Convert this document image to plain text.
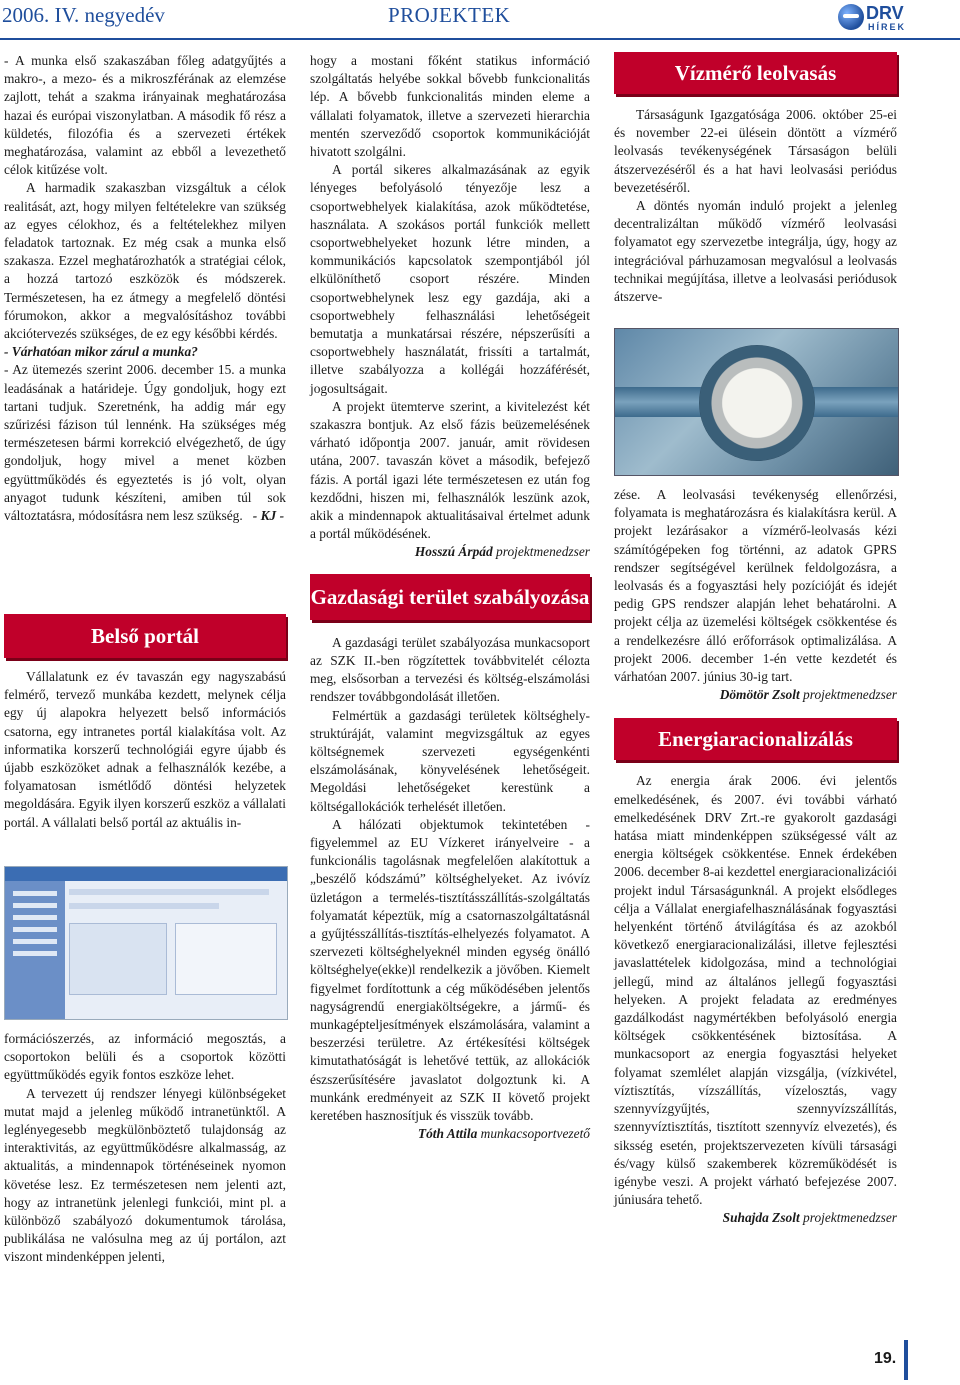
2006. IV. negyedév	PROJEKTEK	DRV
HÍREK

- A munka első szakaszában főleg adatgyűjtés a makro-, a mezo- és a mikroszférának az elemzése zajlott, tehát a szakma irányainak meghatározása hazai és európai viszonylatban. A második fő rész a küldetés, filozófia és a szervezeti értékek meghatározása, valamint az ebből a levezethető célok kitűzése volt.

A harmadik szakaszban vizsgáltuk a célok realitását, azt, hogy milyen feltételekre van szükség az egyes célokhoz, és a feltételekhez milyen feladatok tartoznak. Ez még csak a munka első szakasza. Ezzel meghatározhatók a stratégiai célok, a hozzá tartozó eszközök és módszerek. Természetesen, ha ez átmegy a megfelelő döntési fórumokon, akkor a megvalósításhoz további akciótervezés szükséges, de ez egy későbbi kérdés.

- Várhatóan mikor zárul a munka?

- Az ütemezés szerint 2006. december 15. a munka leadásának a határideje. Úgy gondoljuk, hogy ezt tartani tudjuk. Szeretnénk, ha addig már egy szűrizési fázison túl lennénk. Ha szükséges még természetesen bármi korrekció elvégezhető, de úgy gondoljuk, hogy mivel a menet közben együttműködés és egyeztetés is jó volt, olyan anyagot tudunk készíteni, amiben túl sok változtatásra, módosításra nem lesz szükség. - KJ -

Belső portál

Vállalatunk ez év tavaszán egy nagyszabású felmérő, tervező munkába kezdett, melynek célja egy új alapokra helyezett belső információs csatorna, egy intranetes portál kialakítása volt. Az informatika korszerű technológiái egyre újabb és újabb eszközöket adnak a felhasználók kezébe, a folyamatosan ismétlődő döntési helyzetek megoldására. Egyik ilyen korszerű eszköz a vállalati portál. A vállalati belső portál az aktuális in-

formációszerzés, az információ megosztás, a csoportokon belüli és a csoportok közötti együttműködés egyik fontos eszköze lehet.

A tervezett új rendszer lényegi különbségeket mutat majd a jelenleg működő intranetünktől. A leglényegesebb megkülönböztető tulajdonság az interaktivitás, az együttműködésre alkalmasság, az aktualitás, a mindennapok történéseinek nyomon követése lesz. Ez természetesen nem jelenti azt, hogy az intranetünk jelenlegi funkciói, mint pl. a különböző szabályozó dokumentumok tárolása, publikálása ne valósulna meg az új portálon, azt viszont mindenképpen jelenti,

hogy a mostani főként statikus információ szolgáltatás helyébe sokkal bővebb funkcionalitás lép. A bővebb funkcionalitás minden eleme a vállalati folyamatok, illetve a szervezeti hierarchia mentén szerveződő csoportok kommunikációját hivatott szolgálni.

A portál sikeres alkalmazásának az egyik lényeges befolyásoló tényezője lesz a csoportwebhelyek kialakítása, azok működtetése, használata. A szokásos portál funkciók mellett csoportwebhelyeket hozunk létre minden, a kommunikációs kapcsolatok szempontjából jól elkülöníthető csoport részére. Minden csoportwebhelynek lesz egy gazdája, aki a csoportwebhely felhasználási lehetőségeit bemutatja a munkatársai részére, népszerűsíti a csoportwebhely használatát, frissíti a tartalmát, illetve szabályozza a kollégái hozzáférését, jogosultságait.

A projekt ütemterve szerint, a kivitelezést két szakaszra bontjuk. Az első fázis beüzemelésének várható időpontja 2007. január, amit rövidesen utána, 2007. tavaszán követ a második, befejező fázis. A portál igazi léte természetesen ez után fog kezdődni, hiszen mi, felhasználók leszünk azok, akik a mindennapok aktualitásaival értelmet adunk a portál működésének.

Hosszú Árpád projektmenedzser

Gazdasági terület szabályozása

A gazdasági terület szabályozása munkacsoport az SZK II.-ben rögzítettek továbbvitelét célozta meg, elsősorban a tervezési és költség-elszámolási rendszer továbbgondolását illetően.

Felmértük a gazdasági területek költséghely-struktúráját, valamint megvizsgáltuk az egyes költségnemek szervezeti egységenkénti elszámolásának, könyvelésének lehetőségeit. Megoldási lehetőségeket kerestünk a költségallokációk terhelését illetően.

A hálózati objektumok tekintetében - figyelemmel az EU Vízkeret irányelveire - a funkcionális tagolásnak megfelelően alakítottuk a „beszélő kódszámú” költséghelyeket. Az ivóvíz üzletágon a termelés-tisztításszállítás-szolgáltatás folyamatát képeztük, míg a csatornaszolgáltatásnál a gyűjtésszállítás-tisztítás-elhelyezés folyamatot. A szervezeti költséghelyeknél minden egység önálló költséghelye(ekke)l rendelkezik a jövőben. Kiemelt figyelmet fordítottunk a cég működésében jelentős nagyságrendű energiaköltségekre, a jármű- és munkagépteljesítmények elszámolására, valamint a beszerzési területre. Az értékesítési költségek kimutathatóságát is lehetővé tettük, az allokációk észszerűsítésére javaslatot dolgoztunk ki. A munkánk eredményeit az SZK II követő projekt keretében hasznosítjuk és visszük tovább.

Tóth Attila munkacsoportvezető

Vízmérő leolvasás

Társaságunk Igazgatósága 2006. október 25-ei és november 22-ei ülésein döntött a vízmérő leolvasás tevékenységének Társaságon belüli átszervezéséről és a hat havi leolvasási periódus bevezetéséről.

A döntés nyomán induló projekt a jelenleg decentralizáltan működő vízmérő leolvasási folyamatot egy szervezetbe integrálja, úgy, hogy az integrációval párhuzamosan megvalósul a leolvasás technikai megújítása, illetve a leolvasási periódusok átszerve-

zése. A leolvasási tevékenység ellenőrzési, folyamata is meghatározásra és kialakításra kerül. A projekt lezárásakor a vízmérő-leolvasás kézi számítógépeken fog történni, az adatok GPRS rendszer segítségével kerülnek feldolgozásra, a leolvasás és a fogyasztási hely pozícióját és idejét pedig GPS rendszer alapján lehet behatárolni. A projekt célja az üzemelési költségek csökkentése és a rendelkezésre álló erőforrások optimalizálása. A projekt 2006. december 1-én vette kezdetét és várhatóan 2007. június 30-ig tart.

Dömötör Zsolt projektmenedzser

Energiaracionalizálás

Az energia árak 2006. évi jelentős emelkedésének, és 2007. évi további várható emelkedésének DRV Zrt.-re gyakorolt gazdasági hatása miatt mindenképpen szükségessé vált az energia költségek csökkentése. Ennek érdekében 2006. december 8-ai kezdettel energiaracionalizációi projekt indul Társaságunknál. A projekt elsődleges célja a Vállalat energiafelhasználásának fogyasztási helyenként történő átvilágítása és az azokból következő energiaracionalizálási, illetve fejlesztési javaslattételek kidolgozása, mind a technológiai jellegű, mind az általános jellegű fogyasztási helyeken. A projekt feladata az eredményes gazdálkodást nagymértékben befolyásoló energia költségek csökkentésének biztosítása. A munkacsoport az energia fogyasztási helyeket folyamat szemlélet alapján vizsgálja, (vízkivétel, víztisztítás, vízszállítás, vízelosztás, vagy szennyvízgyűjtés, szennyvízszállítás, szennyvíztisztítás, tisztított szennyvíz elvezetés), és siksség esetén, projektszervezeten kívüli társasági és/vagy külső szakemberek közreműködését is igénybe veszi. A projekt várható befejezése 2007. júniusára tehető.

Suhajda Zsolt projektmenedzser

19.
